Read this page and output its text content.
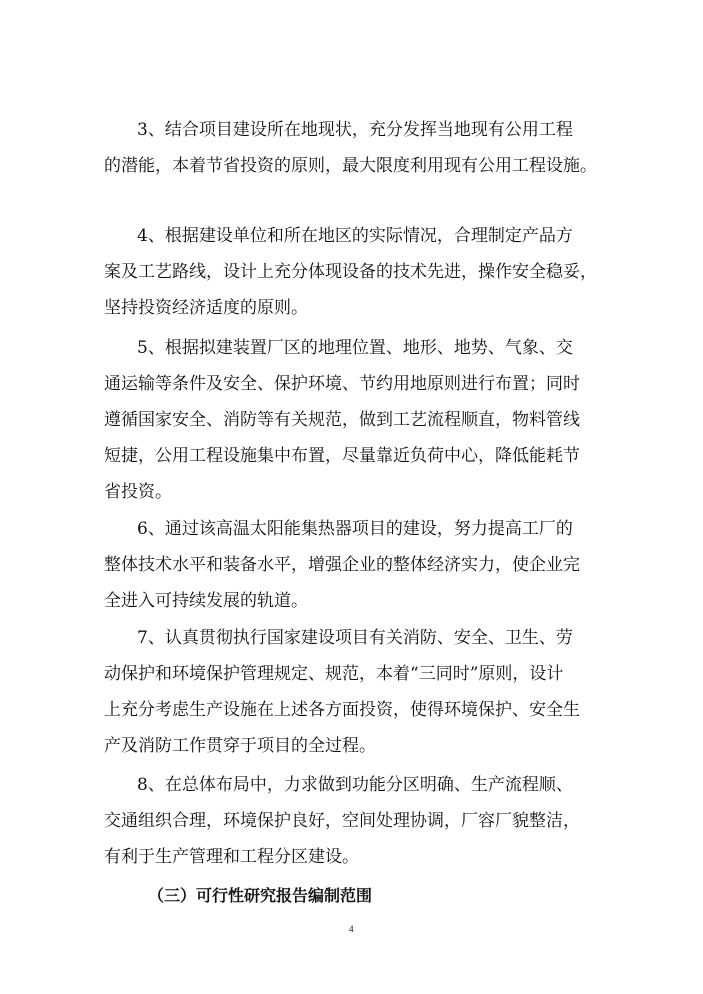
3、结合项目建设所在地现状，充分发挥当地现有公用工程
的潜能，本着节省投资的原则，最大限度利用现有公用工程设施。
4、根据建设单位和所在地区的实际情况，合理制定产品方
案及工艺路线，设计上充分体现设备的技术先进，操作安全稳妥，
坚持投资经济适度的原则。
5、根据拟建装置厂区的地理位置、地形、地势、气象、交
通运输等条件及安全、保护环境、节约用地原则进行布置；同时
遵循国家安全、消防等有关规范，做到工艺流程顺直，物料管线
短捷，公用工程设施集中布置，尽量靠近负荷中心，降低能耗节
省投资。
6、通过该高温太阳能集热器项目的建设，努力提高工厂的
整体技术水平和装备水平，增强企业的整体经济实力，使企业完
全进入可持续发展的轨道。
7、认真贯彻执行国家建设项目有关消防、安全、卫生、劳
动保护和环境保护管理规定、规范，本着“三同时”原则，设计
上充分考虑生产设施在上述各方面投资，使得环境保护、安全生
产及消防工作贯穿于项目的全过程。
8、在总体布局中，力求做到功能分区明确、生产流程顺、
交通组织合理，环境保护良好，空间处理协调，厂容厂貌整洁，
有利于生产管理和工程分区建设。
（三）可行性研究报告编制范围
4
